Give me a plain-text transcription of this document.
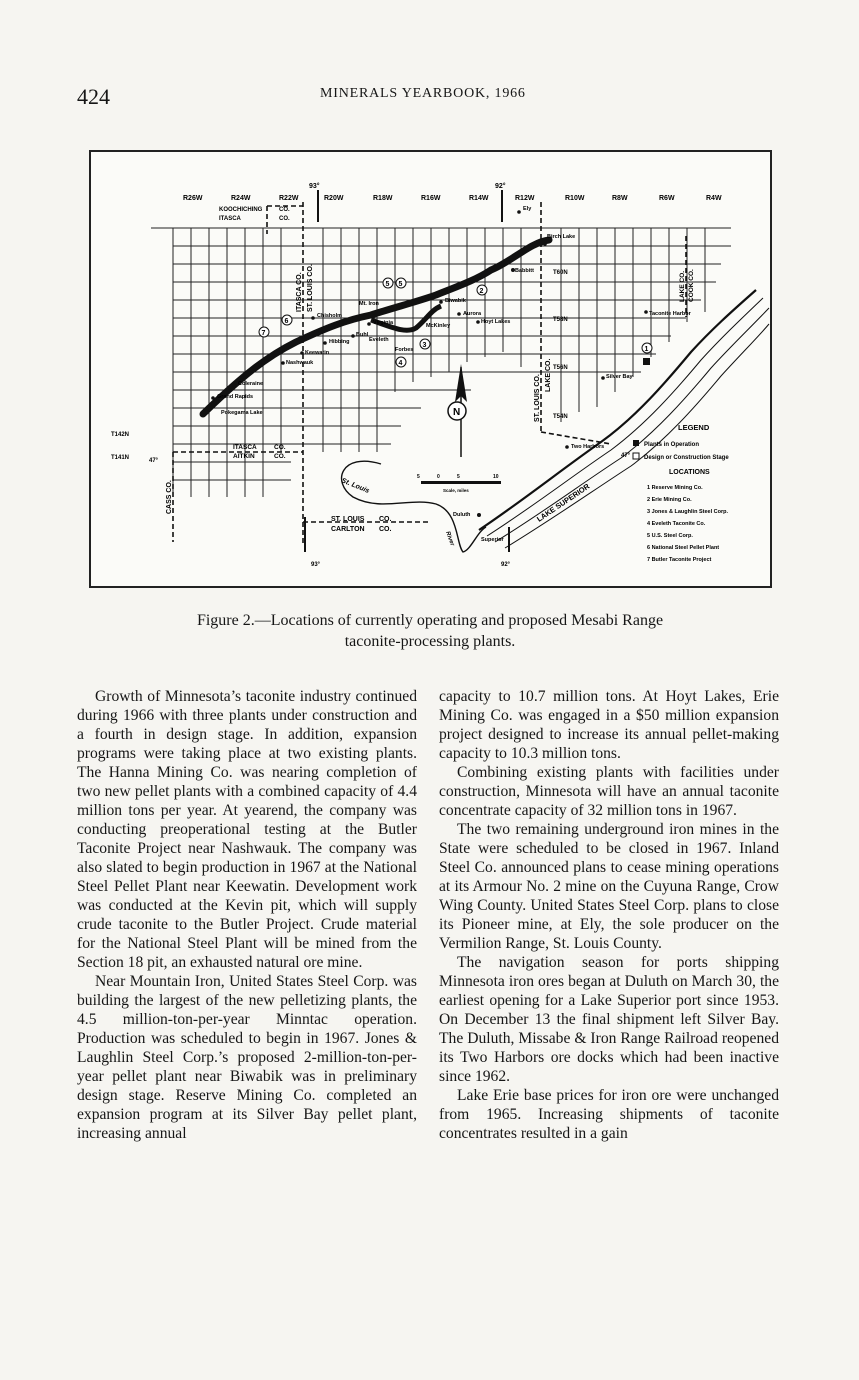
424	MINERALS YEARBOOK, 1966
93°	92°
R26W	R24W	R22W	R20W	R18W	R16W	R14W	R12W	R10W	R8W	R6W	R4W
KOOCHICHING	CO.
ITASCA	CO.
ITASCA CO. ST. LOUIS CO.
ITASCA	CO.
AITKIN	CO.
CASS CO.
ST. LOUIS CO. LAKE CO.
LAKE CO. COOK CO.
ST. LOUIS CO.
CARLTON CO.
T60N
T58N
T56N
T54N
T142N
T141N	47°
47°
93°	92°
Ely
Birch Lake
Babbitt
Mt. Iron	Biwabik
Aurora
Hoyt Lakes
Chisholm
Virginia	McKinley
Buhl
Eveleth
Hibbing
Forbes
Keewatin
Nashwauk
Coleraine
Grand Rapids
Pokegama Lake
Taconite Harbor
Silver Bay
Two Harbors
Duluth
Superior
LAKE SUPERIOR
St. Louis
River
1
2
3
4
5 5
6
7
N
5	0	5	10
Scale, miles
LEGEND
Plants in Operation
Design or Construction Stage
LOCATIONS
1 Reserve Mining Co.
2 Erie Mining Co.
3 Jones & Laughlin Steel Corp.
4 Eveleth Taconite Co.
5 U.S. Steel Corp.
6 National Steel Pellet Plant
7 Butler Taconite Project
Figure 2.—Locations of currently operating and proposed Mesabi Range
taconite-processing plants.

Growth of Minnesota’s taconite industry continued during 1966 with three plants under construction and a fourth in design stage. In addition, expansion programs were taking place at two existing plants. The Hanna Mining Co. was nearing completion of two new pellet plants with a combined capacity of 4.4 million tons per year. At yearend, the company was conducting preoperational testing at the Butler Taconite Project near Nashwauk. The company was also slated to begin production in 1967 at the National Steel Pellet Plant near Keewatin. Development work was conducted at the Kevin pit, which will supply crude taconite to the Butler Project. Crude material for the National Steel Plant will be mined from the Section 18 pit, an exhausted natural ore mine.

Near Mountain Iron, United States Steel Corp. was building the largest of the new pelletizing plants, the 4.5 million-ton-per-year Minntac operation. Production was scheduled to begin in 1967. Jones & Laughlin Steel Corp.’s proposed 2-million-ton-per-year pellet plant near Biwabik was in preliminary design stage. Reserve Mining Co. completed an expansion program at its Silver Bay pellet plant, increasing annual

capacity to 10.7 million tons. At Hoyt Lakes, Erie Mining Co. was engaged in a $50 million expansion project designed to increase its annual pellet-making capacity to 10.3 million tons.

Combining existing plants with facilities under construction, Minnesota will have an annual taconite concentrate capacity of 32 million tons in 1967.

The two remaining underground iron mines in the State were scheduled to be closed in 1967. Inland Steel Co. announced plans to cease mining operations at its Armour No. 2 mine on the Cuyuna Range, Crow Wing County. United States Steel Corp. plans to close its Pioneer mine, at Ely, the sole producer on the Vermilion Range, St. Louis County.

The navigation season for ports shipping Minnesota iron ores began at Duluth on March 30, the earliest opening for a Lake Superior port since 1953. On December 13 the final shipment left Silver Bay. The Duluth, Missabe & Iron Range Railroad reopened its Two Harbors ore docks which had been inactive since 1962.

Lake Erie base prices for iron ore were unchanged from 1965. Increasing shipments of taconite concentrates resulted in a gain
